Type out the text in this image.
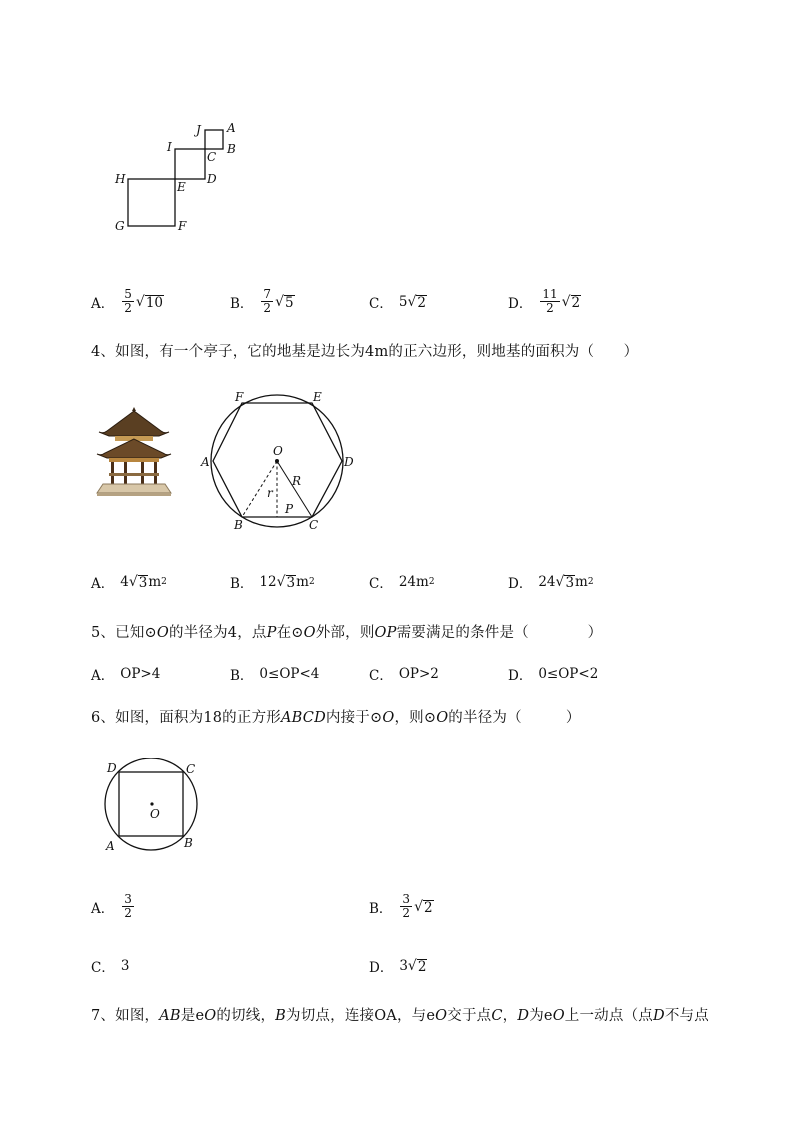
J A
I
C
B
H
E
D
G	F
A． $\frac{5}{2}$ √ 10	B． $\frac{7}{2}$ √ 5	C． 5 √ 2	D． $\frac{11}{2}$ √ 2
4、如图，有一个亭子，它的地基是边长为4m的正六边形，则地基的面积为（　　）
F	E
O
A	D
R
r
P
B	C
A． 4 √ 3 m 2	B． 12 √ 3 m 2	C． 24m 2	D． 24 √ 3 m 2
5、已知⊙O的半径为4，点P在⊙O外部，则OP需要满足的条件是（　　　　）
A． OP>4	B． 0≤OP<4	C． OP>2	D． 0≤OP<2
6、如图，面积为18的正方形ABCD内接于⊙O，则⊙O的半径为（　　　）
D	C
O
A	B
A． $\frac{3}{2}$	B． $\frac{3}{2}$ √ 2
C． 3	D． 3 √ 2
7、如图，AB是eO的切线，B为切点，连接OA，与eO交于点C，D为eO上一动点（点D不与点
